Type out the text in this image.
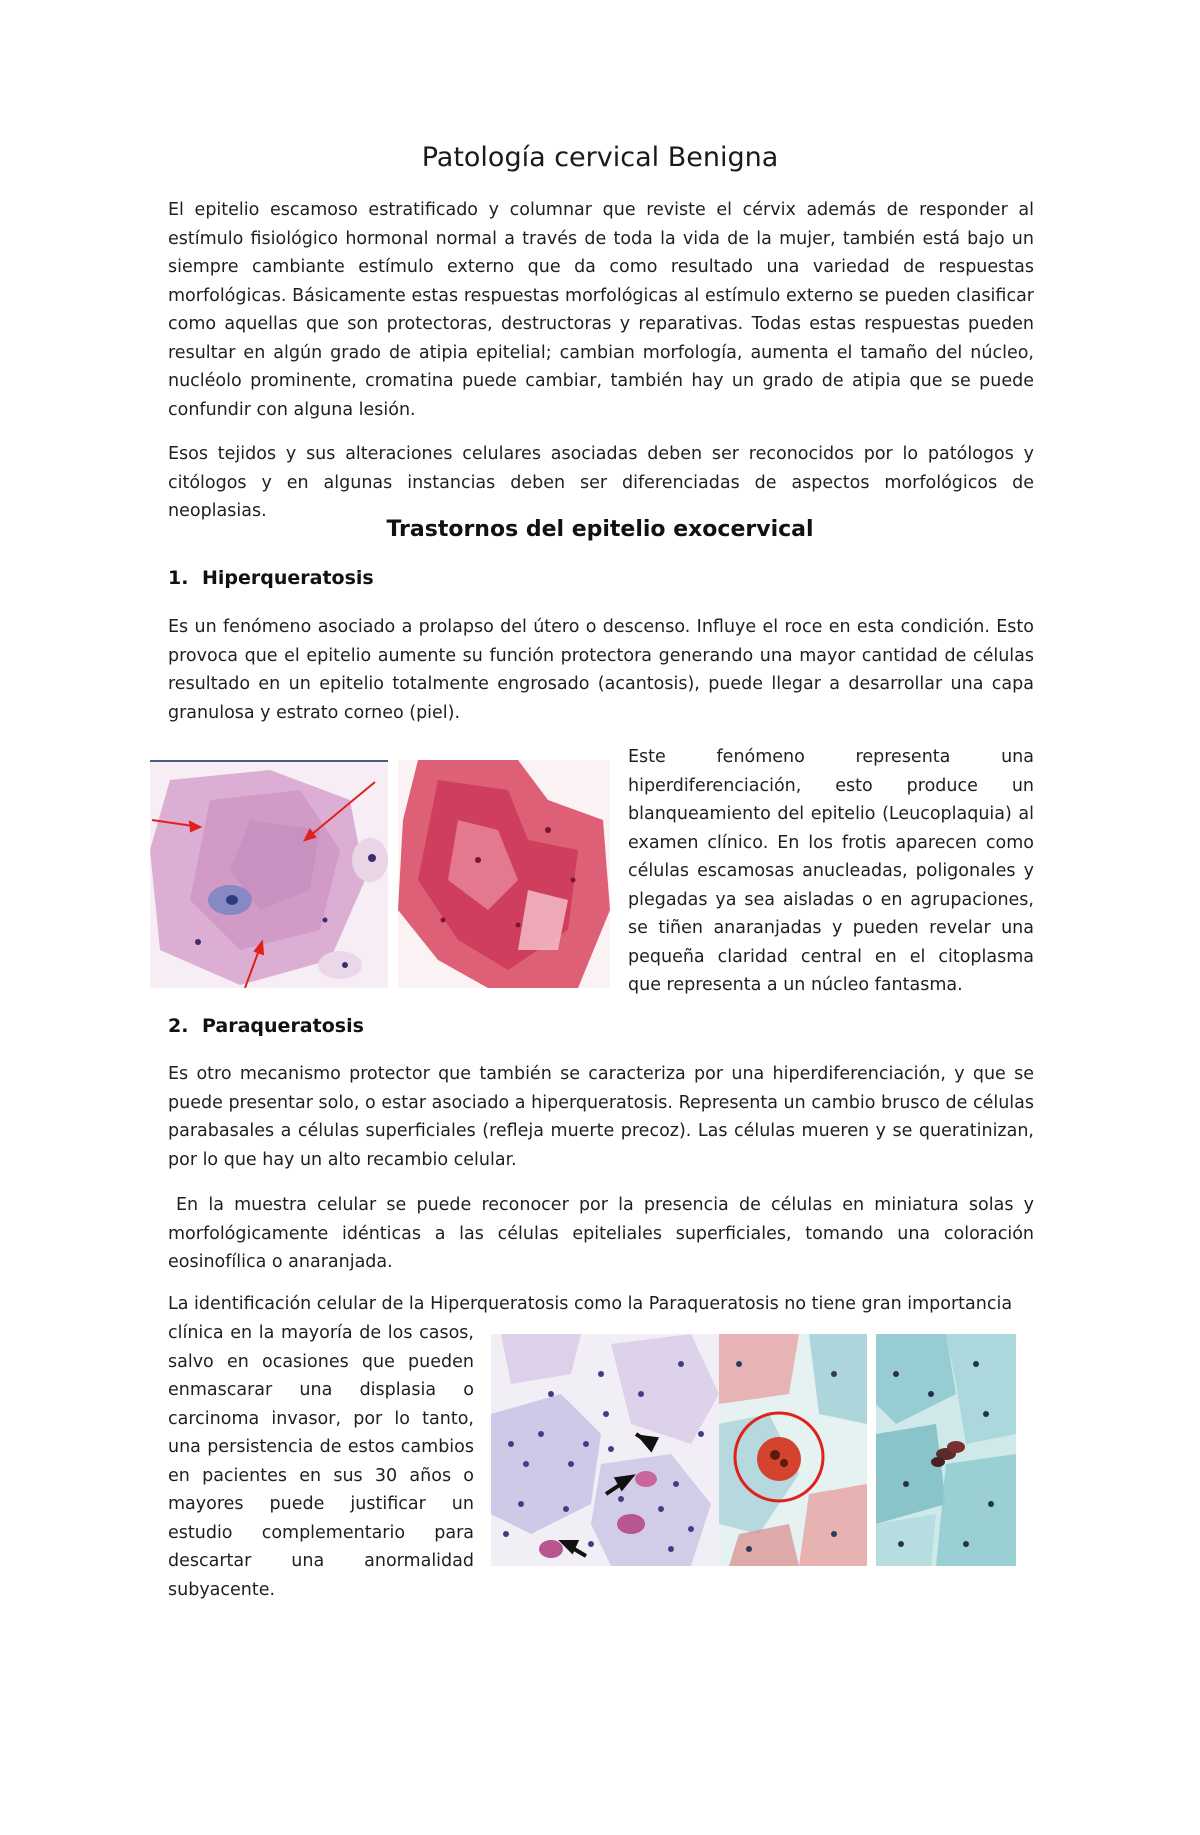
Patología cervical Benigna

El epitelio escamoso estratificado y columnar que reviste el cérvix además de responder al estímulo fisiológico hormonal normal a través de toda la vida de la mujer, también está bajo un siempre cambiante estímulo externo que da como resultado una variedad de respuestas morfológicas. Básicamente estas respuestas morfológicas al estímulo externo se pueden clasificar como aquellas que son protectoras, destructoras y reparativas. Todas estas respuestas pueden resultar en algún grado de atipia epitelial; cambian morfología, aumenta el tamaño del núcleo, nucléolo prominente, cromatina puede cambiar, también hay un grado de atipia que se puede confundir con alguna lesión.

Esos tejidos y sus alteraciones celulares asociadas deben ser reconocidos por lo patólogos y citólogos y en algunas instancias deben ser diferenciadas de aspectos morfológicos de neoplasias.

Trastornos del epitelio exocervical
1. Hiperqueratosis

Es un fenómeno asociado a prolapso del útero o descenso. Influye el roce en esta condición. Esto provoca que el epitelio aumente su función protectora generando una mayor cantidad de células resultado en un epitelio totalmente engrosado (acantosis), puede llegar a desarrollar una capa granulosa y estrato corneo (piel).

Este fenómeno representa una hiperdiferenciación, esto produce un blanqueamiento del epitelio (Leucoplaquia) al examen clínico. En los frotis aparecen como células escamosas anucleadas, poligonales y plegadas ya sea aisladas o en agrupaciones, se tiñen anaranjadas y pueden revelar una pequeña claridad central en el citoplasma que representa a un núcleo fantasma.

2. Paraqueratosis

Es otro mecanismo protector que también se caracteriza por una hiperdiferenciación, y que se puede presentar solo, o estar asociado a hiperqueratosis. Representa un cambio brusco de células parabasales a células superficiales (refleja muerte precoz). Las células mueren y se queratinizan, por lo que hay un alto recambio celular.

En la muestra celular se puede reconocer por la presencia de células en miniatura solas y morfológicamente idénticas a las células epiteliales superficiales, tomando una coloración eosinofílica o anaranjada.

La identificación celular de la Hiperqueratosis como la Paraqueratosis no tiene gran importancia

clínica en la mayoría de los casos, salvo en ocasiones que pueden enmascarar una displasia o carcinoma invasor, por lo tanto, una persistencia de estos cambios en pacientes en sus 30 años o mayores puede justificar un estudio complementario para descartar una anormalidad subyacente.
